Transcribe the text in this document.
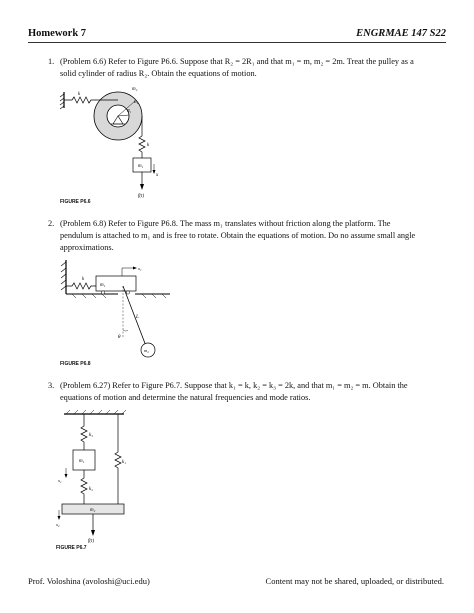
Homework 7	ENGRMAE 147 S22
1. (Problem 6.6) Refer to Figure P6.6. Suppose that R₂ = 2R₁ and that m₁ = m, m₂ = 2m. Treat the pulley as a solid cylinder of radius R₂. Obtain the equations of motion.
k
m₂
R₂
R₁
k
m₁
x
f(t)
FIGURE P6.6
2. (Problem 6.8) Refer to Figure P6.8. The mass m₁ translates without friction along the platform. The pendulum is attached to m₁ and is free to rotate. Obtain the equations of motion. Do no assume small angle approximations.
k
m₁
x₁
L
θ
m₂
FIGURE P6.8
3. (Problem 6.27) Refer to Figure P6.7. Suppose that k₁ = k, k₂ = k₃ = 2k, and that m₁ = m₂ = m. Obtain the equations of motion and determine the natural frequencies and mode ratios.
k₃
k₁
m₁
x₁
k₂
m₂
x₂
f(t)
FIGURE P6.7
Prof. Voloshina (avoloshi@uci.edu)	Content may not be shared, uploaded, or distributed.
